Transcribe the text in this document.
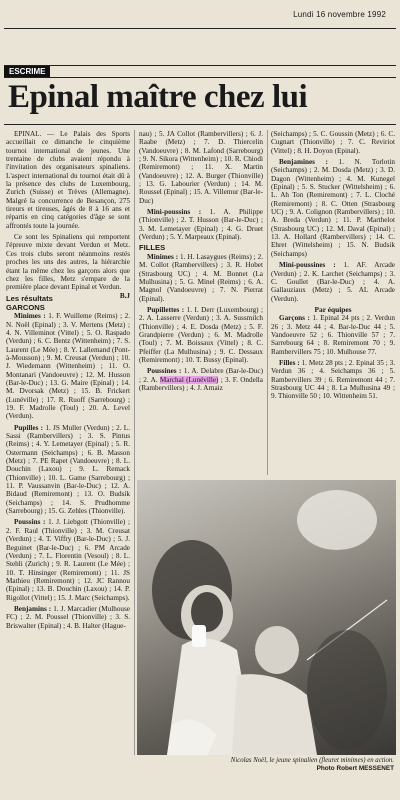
Lundi 16 novembre 1992
ESCRIME
Epinal maître chez lui

EPINAL. — Le Palais des Sports accueillait ce dimanche le cinquième tournoi international de jeunes. Une trentaine de clubs avaient répondu à l'invitation des organisateurs spinaliens. L'aspect international du tournoi était dû à la présence des clubs de Luxembourg, Zurich (Suisse) et Trèves (Allemagne). Malgré la concurrence de Besançon, 275 tireurs et tireuses, âgés de 8 à 16 ans et répartis en cinq catégories d'âge se sont affrontés toute la journée.

Ce sont les Spinaliens qui remportent l'épreuve mixte devant Verdun et Metz. Ces trois clubs seront néanmoins restés proches les uns des autres, la hiérarchie étant la même chez les garçons alors que chez les filles, Metz s'empare de la première place devant Epinal et Verdun.
B.J

Les résultats
GARCONS

Minimes : 1. F. Wuilleme (Reims) ; 2. N. Noël (Epinal) ; 3. V. Mertens (Metz) ; 4. N. Villeminot (Vittel) ; 5. O. Raspado (Verdun) ; 6. C. Bentz (Wittenheim) ; 7. S. Laurent (Le Mée) ; 8. Y. Lallemand (Pont-à-Mousson) ; 9. M. Creusat (Verdun) ; 10. J. Wiedemann (Wittenheim) ; 11. O. Montanari (Vandoeuvre) ; 12. M. Husson (Bar-le-Duc) ; 13. G. Maire (Epinal) ; 14. M. Dvorsak (Metz) ; 15. B. Frickert (Lunéville) ; 17. R. Ruoff (Sarrebourg) ; 19. F. Madrolle (Toul) ; 20. A. Level (Verdun).

Pupilles : 1. JS Muller (Verdun) ; 2. L. Sassi (Rambervillers) ; 3. S. Pintus (Reims) ; 4. Y. Lemetayer (Epinal) ; 5. R. Ostermann (Seichamps) ; 6. B. Masson (Metz) ; 7. PE Rapet (Vandoeuvre) ; 8. L. Douchin (Laxou) ; 9. L. Remack (Thionville) ; 10. L. Game (Sarrebourg) ; 11. P. Vaussanvin (Bar-le-Duc) ; 12. A. Bidaud (Remiremont) ; 13. O. Budsik (Seichamps) ; 14. S. Prudhomme (Sarrebourg) ; 15. G. Zehles (Thionville).

Poussins : 1. J. Liebgott (Thionville) ; 2. F. Raul (Thionville) ; 3. M. Creusat (Verdun) ; 4. T. Viffry (Bar-le-Duc) ; 5. J. Beguinet (Bar-le-Duc) ; 6. PM Arcade (Verdun) ; 7. L. Florentin (Vesoul) ; 8. L. Stehli (Zurich) ; 9. R. Laurent (Le Mée) ; 10. T. Hinsinger (Remiremont) ; 11. JS Mathieu (Remiremont) ; 12. JC Rannou (Epinal) ; 13. B. Douchin (Laxou) ; 14. P. Rigollot (Vittel) ; 15. J. Marc (Seichamps).

Benjamins : 1. J. Marcadier (Mulhouse FC) ; 2. M. Poussel (Thionville) ; 3. S. Briswalter (Epinal) ; 4. B. Halter (Hague-

nau) ; 5. JA Collot (Rambervillers) ; 6. J. Raabe (Metz) ; 7. D. Thiercelin (Vandoeuvre) ; 8. M. Lafond (Sarrebourg) ; 9. N. Sikora (Wittenheim) ; 10. R. Chiodi (Remiremont) ; 11. X. Martin (Vandoeuvre) ; 12. A. Burger (Thionville) ; 13. G. Labourier (Verdun) ; 14. M. Roussel (Epinal) ; 15. A. Villemur (Bar-le-Duc)

Mini-poussins : 1. A. Philippe (Thionville) ; 2. T. Husson (Bar-le-Duc) ; 3. M. Lemetayer (Epinal) ; 4. G. Druet (Verdun) ; 5. Y. Marpeaux (Epinal).

FILLES

Minimes : 1. H. Lasaygues (Reims) ; 2. M. Collot (Rambervillers) ; 3. R. Hobet (Strasbourg UC) ; 4. M. Bonnet (La Mulhusina) ; 5. G. Minel (Reims) ; 6. A. Magnol (Vandoeuvre) ; 7. N. Pierrat (Epinal).

Pupillettes : 1. I. Derr (Luxembourg) ; 2. A. Lasserre (Verdun) ; 3. A. Sussmilch (Thionville) ; 4. E. Dosda (Metz) ; 5. F. Grandpierre (Verdun) ; 6. M. Madrolle (Toul) ; 7. M. Boissaux (Vittel) ; 8. C. Pfeiffer (La Mulhusina) ; 9. C. Dessaux (Remiremont) ; 10. T. Bussy (Epinal).

Poussines : 1. A. Delabre (Bar-le-Duc) ; 2. A. Marchal (Lunéville) ; 3. F. Ondella (Rambervillers) ; 4. J. Arnaiz

(Seichamps) ; 5. C. Goussin (Metz) ; 6. C. Cugnart (Thionville) ; 7. C. Reviriot (Vittel) ; 8. H. Doyon (Epinal).

Benjamines : 1. N. Torlotin (Seichamps) ; 2. M. Dosda (Metz) ; 3. D. Dagon (Wittenheim) ; 4. M. Kunegel (Epinal) ; 5. S. Stucker (Wittelsheim) ; 6. L. Ah Ton (Remiremont) ; 7. L. Cloché (Remiremont) ; 8. C. Otten (Strasbourg UC) ; 9. A. Colignon (Rambervillers) ; 10. A. Breda (Verdun) ; 11. P. Marthelot (Strasbourg UC) ; 12. M. Daval (Epinal) ; 13. A. Hollard (Rambervillers) ; 14. C. Ehret (Wittelsheim) ; 15. N. Budsik (Seichamps)

Mini-poussines : 1. AF. Arcade (Verdun) ; 2. K. Larchet (Seichamps) ; 3. C. Goullet (Bar-le-Duc) ; 4. A. Gallauziaux (Metz) ; 5. AL Arcade (Verdun).

Par équipes

Garçons : 1. Epinal 24 pts ; 2. Verdun 26 ; 3. Metz 44 ; 4. Bar-le-Duc 44 ; 5. Vandoeuvre 52 ; 6. Thionville 57 ; 7. Sarrebourg 64 ; 8. Remiremont 70 ; 9. Rambervillers 75 ; 10. Mulhouse 77.

Filles : 1. Metz 28 pts ; 2. Epinal 35 ; 3. Verdun 36 ; 4. Seichamps 36 ; 5. Rambervillers 39 ; 6. Remiremont 44 ; 7. Strasbourg UC 44 ; 8. La Mulhusina 49 ; 9. Thionville 50 ; 10. Wittenheim 51.

Nicolas Noël, le jeune spinalien (fleuret minimes) en action.
Photo Robert MESSENET
